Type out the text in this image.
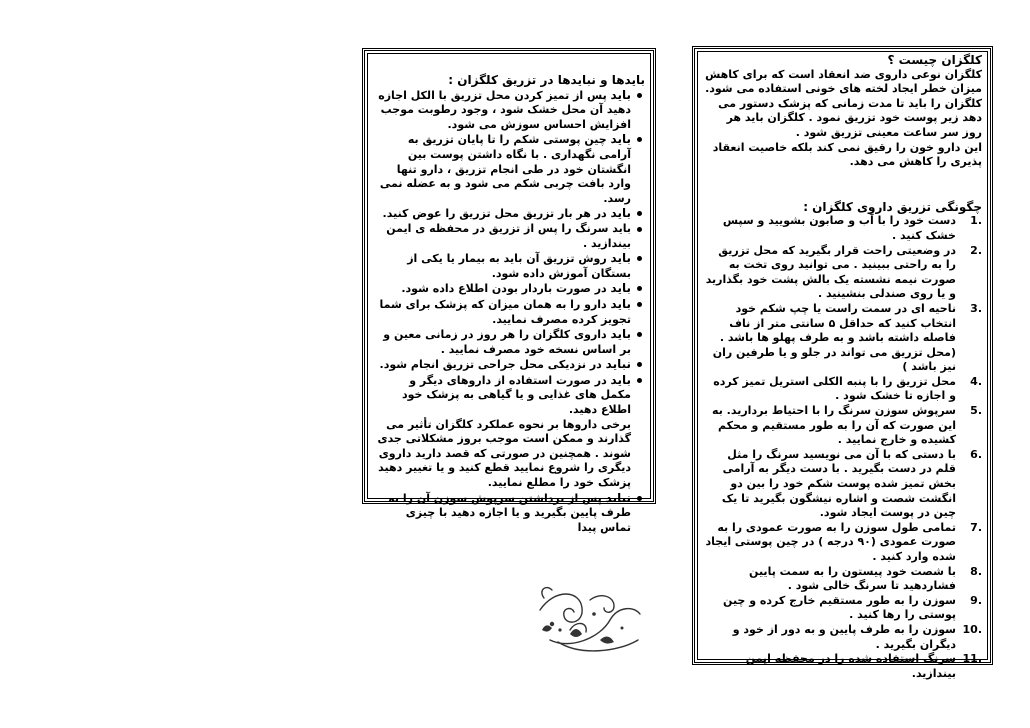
بایدها و نبایدها در تزریق کلگزان :

باید پس از تمیز کردن محل تزریق با الکل اجازه دهید آن محل خشک شود ، وجود رطوبت موجب افزایش احساس سوزش می شود.
باید چین پوستی شکم را تا پایان تزریق به آرامی نگهداری . با نگاه داشتن پوست بین انگشتان خود در طی انجام تزریق ، دارو تنها وارد بافت چربی شکم می شود و به عضله نمی رسد.
باید در هر بار تزریق محل تزریق را عوض کنید.
باید سرنگ را پس از تزریق در محفظه ی ایمن بیندازید .
باید روش تزریق آن باید به بیمار یا یکی از بستگان آموزش داده شود.
باید در صورت باردار بودن اطلاع داده شود.
باید دارو را به همان میزان که پزشک برای شما تجویز کرده مصرف نمایید.
باید داروی کلگزان را هر روز در زمانی معین و بر اساس نسخه خود مصرف نمایید .
نباید در نزدیکی محل جراحی تزریق انجام شود.
باید در صورت استفاده از داروهای دیگر و مکمل های غذایی و یا گیاهی به پزشک خود اطلاع دهید.
برخی داروها بر نحوه عملکرد کلگزان تأثیر می گذارند و ممکن است موجب بروز مشکلاتی جدی شوند . همچنین در صورتی که قصد دارید داروی دیگری را شروع نمایید قطع کنید و یا تغییر دهید پزشک خود را مطلع نمایید.
نباید پس از برداشتن سرپوش سوزن آن را به طرف پایین بگیرید و یا اجازه دهید با چیزی تماس پیدا

کلگزان چیست ؟

کلگزان نوعی داروی ضد انعقاد است که برای کاهش میزان خطر ایجاد لخته های خونی استفاده می شود. کلگزان را باید تا مدت زمانی که پزشک دستور می دهد زیر پوست خود تزریق نمود . کلگزان باید هر روز سر ساعت معینی تزریق شود .

این دارو خون را رقیق نمی کند بلکه خاصیت انعقاد پذیری را کاهش می دهد.

چگونگی تزریق داروی کلگزان :

.1
دست خود را با آب و صابون بشویید و سپس خشک کنید .
.2
در وضعیتی راحت قرار بگیرید که محل تزریق را به راحتی ببینید . می توانید روی تخت به صورت نیمه نشسته یک بالش پشت خود بگذارید و یا روی صندلی بنشینید .
.3
ناحیه ای در سمت راست یا چپ شکم خود انتخاب کنید که حداقل ۵ سانتی متر از ناف فاصله داشته باشد و به طرف پهلو ها باشد . (محل تزریق می تواند در جلو و یا طرفین ران نیز باشد )
.4
محل تزریق را با پنبه الکلی استریل تمیز کرده و اجازه تا خشک شود .
.5
سرپوش سوزن سرنگ را با احتیاط بردارید. به این صورت که آن را به طور مستقیم و محکم کشیده و خارج نمایید .
.6
با دستی که با آن می نویسید سرنگ را مثل قلم در دست بگیرید . با دست دیگر به آرامی بخش تمیز شده پوست شکم خود را بین دو انگشت شصت و اشاره نیشگون بگیرید تا یک چین در پوست ایجاد شود.
.7
تمامی طول سوزن را به صورت عمودی را به صورت عمودی (۹۰ درجه ) در چین پوستی ایجاد شده وارد کنید .
.8
با شصت خود پیستون را به سمت پایین فشاردهید تا سرنگ خالی شود .
.9
سوزن را به طور مستقیم خارج کرده و چین پوستی را رها کنید .
.10
سوزن را به طرف پایین و به دور از خود و دیگران بگیرید .
.11
سرنگ استفاده شده را در محفظه ایمن بیندازید.
